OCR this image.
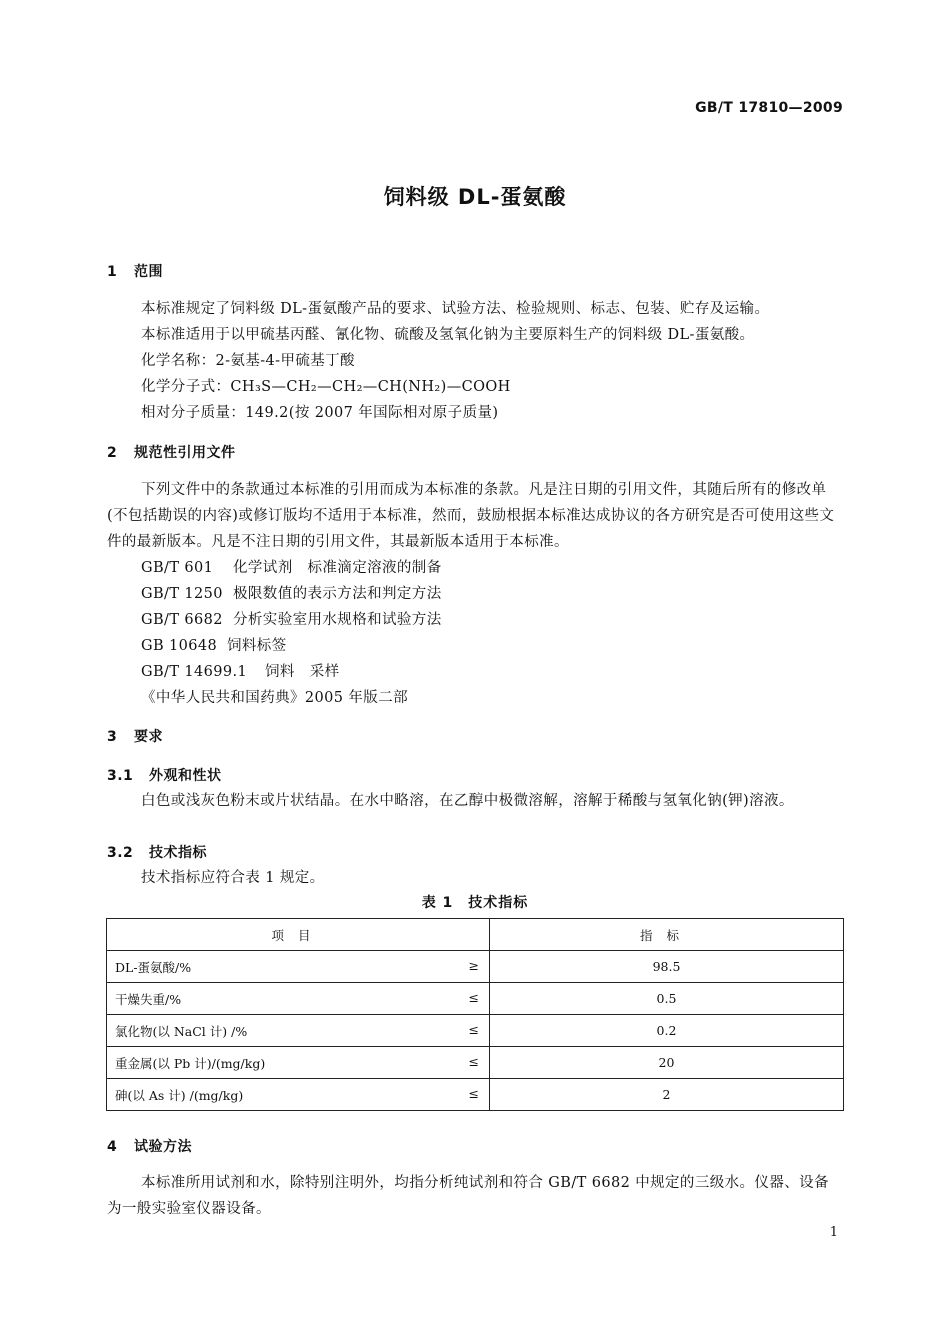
GB/T 17810—2009
饲料级 DL-蛋氨酸
1 范围
本标准规定了饲料级 DL-蛋氨酸产品的要求、试验方法、检验规则、标志、包装、贮存及运输。
本标准适用于以甲硫基丙醛、氰化物、硫酸及氢氧化钠为主要原料生产的饲料级 DL-蛋氨酸。
化学名称：2-氨基-4-甲硫基丁酸
化学分子式：CH₃S—CH₂—CH₂—CH(NH₂)—COOH
相对分子质量：149.2(按 2007 年国际相对原子质量)
2 规范性引用文件
下列文件中的条款通过本标准的引用而成为本标准的条款。凡是注日期的引用文件，其随后所有的修改单(不包括勘误的内容)或修订版均不适用于本标准，然而，鼓励根据本标准达成协议的各方研究是否可使用这些文件的最新版本。凡是不注日期的引用文件，其最新版本适用于本标准。
GB/T 601 化学试剂　标准滴定溶液的制备
GB/T 1250 极限数值的表示方法和判定方法
GB/T 6682 分析实验室用水规格和试验方法
GB 10648 饲料标签
GB/T 14699.1 饲料　采样
《中华人民共和国药典》2005 年版二部
3 要求
3.1 外观和性状
白色或浅灰色粉末或片状结晶。在水中略溶，在乙醇中极微溶解，溶解于稀酸与氢氧化钠(钾)溶液。
3.2 技术指标
技术指标应符合表 1 规定。
表 1　技术指标
项目	指标
DL-蛋氨酸/% ≥	98.5
干燥失重/% ≤	0.5
氯化物(以 NaCl 计) /% ≤	0.2
重金属(以 Pb 计)/(mg/kg) ≤	20
砷(以 As 计) /(mg/kg) ≤	2
4 试验方法
本标准所用试剂和水，除特别注明外，均指分析纯试剂和符合 GB/T 6682 中规定的三级水。仪器、设备为一般实验室仪器设备。
1
